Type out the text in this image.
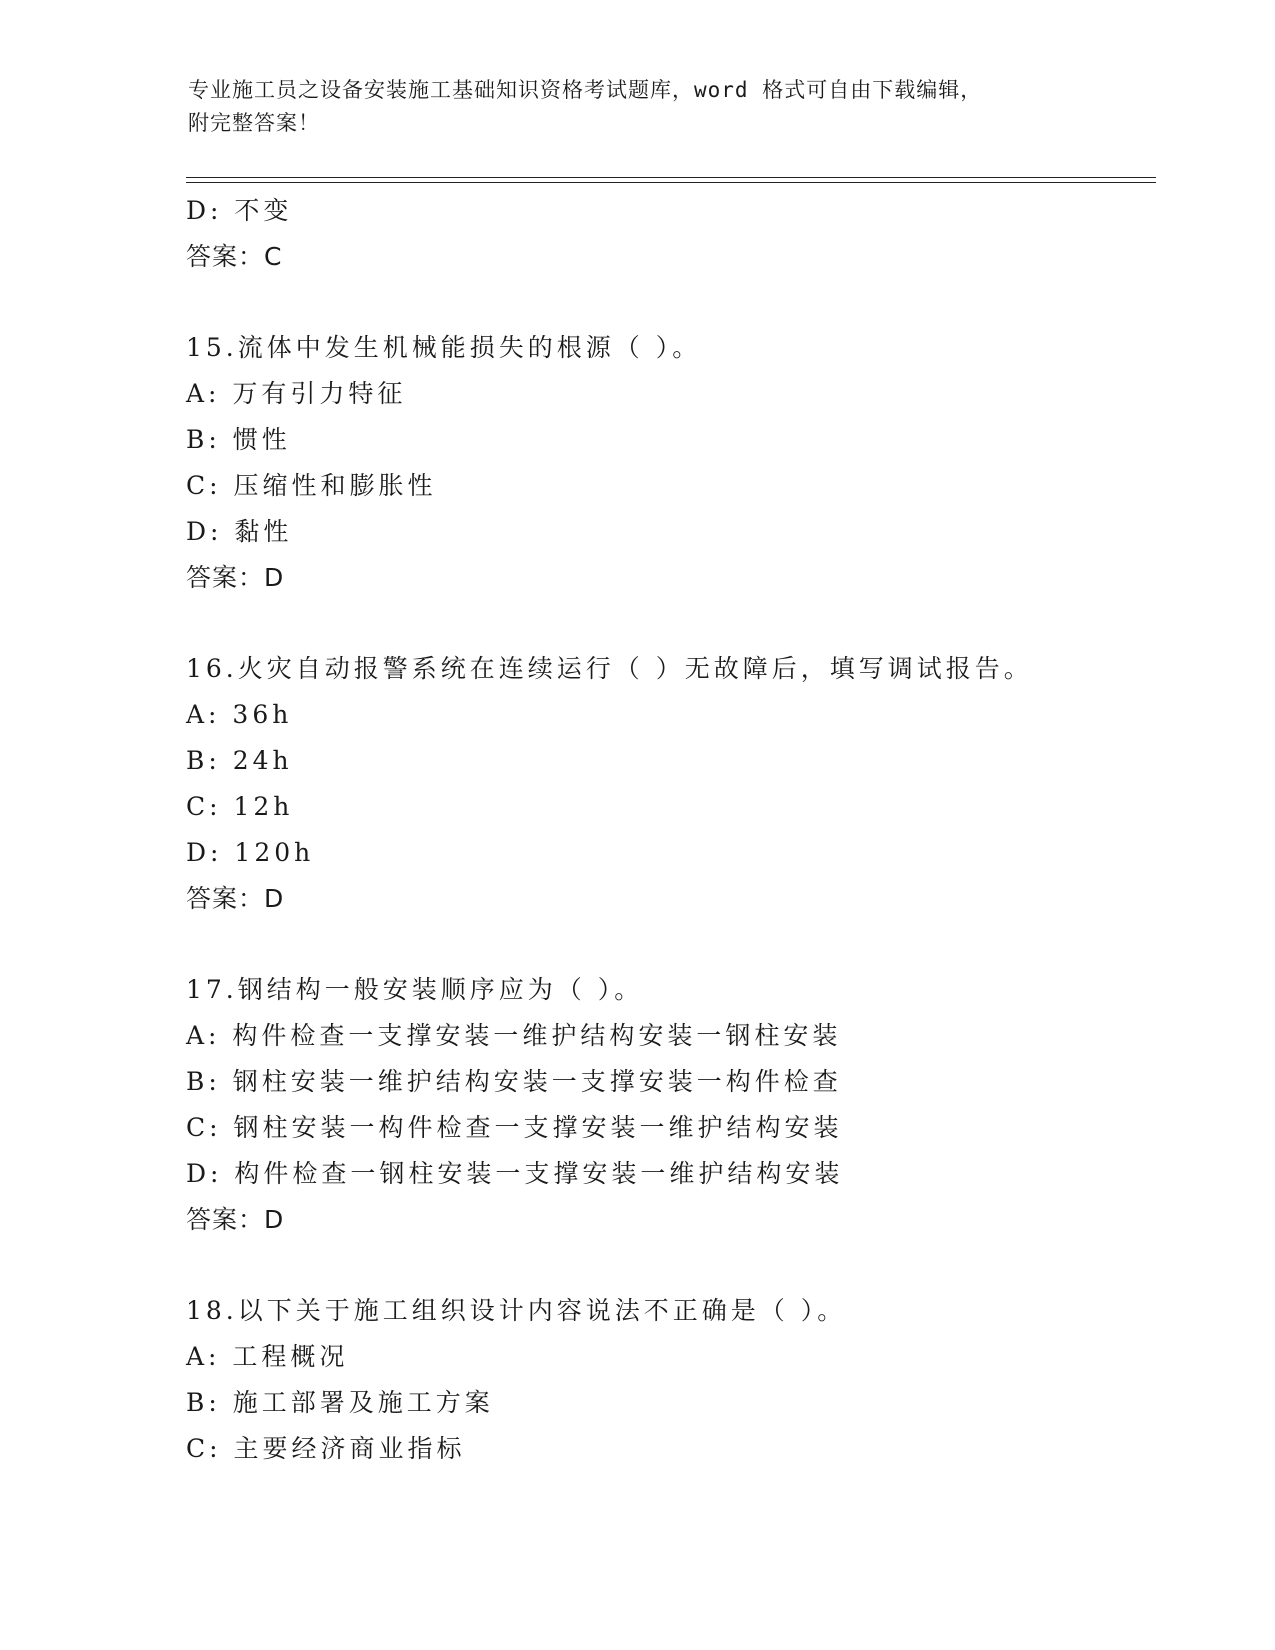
专业施工员之设备安装施工基础知识资格考试题库，word 格式可自由下载编辑，
附完整答案！
D: 不变
答案：C
15.流体中发生机械能损失的根源（ ）。
A: 万有引力特征
B: 惯性
C: 压缩性和膨胀性
D: 黏性
答案：D
16.火灾自动报警系统在连续运行（ ）无故障后，填写调试报告。
A: 36h
B: 24h
C: 12h
D: 120h
答案：D
17.钢结构一般安装顺序应为（ ）。
A: 构件检查一支撑安装一维护结构安装一钢柱安装
B: 钢柱安装一维护结构安装一支撑安装一构件检查
C: 钢柱安装一构件检查一支撑安装一维护结构安装
D: 构件检查一钢柱安装一支撑安装一维护结构安装
答案：D
18.以下关于施工组织设计内容说法不正确是（ ）。
A: 工程概况
B: 施工部署及施工方案
C: 主要经济商业指标
